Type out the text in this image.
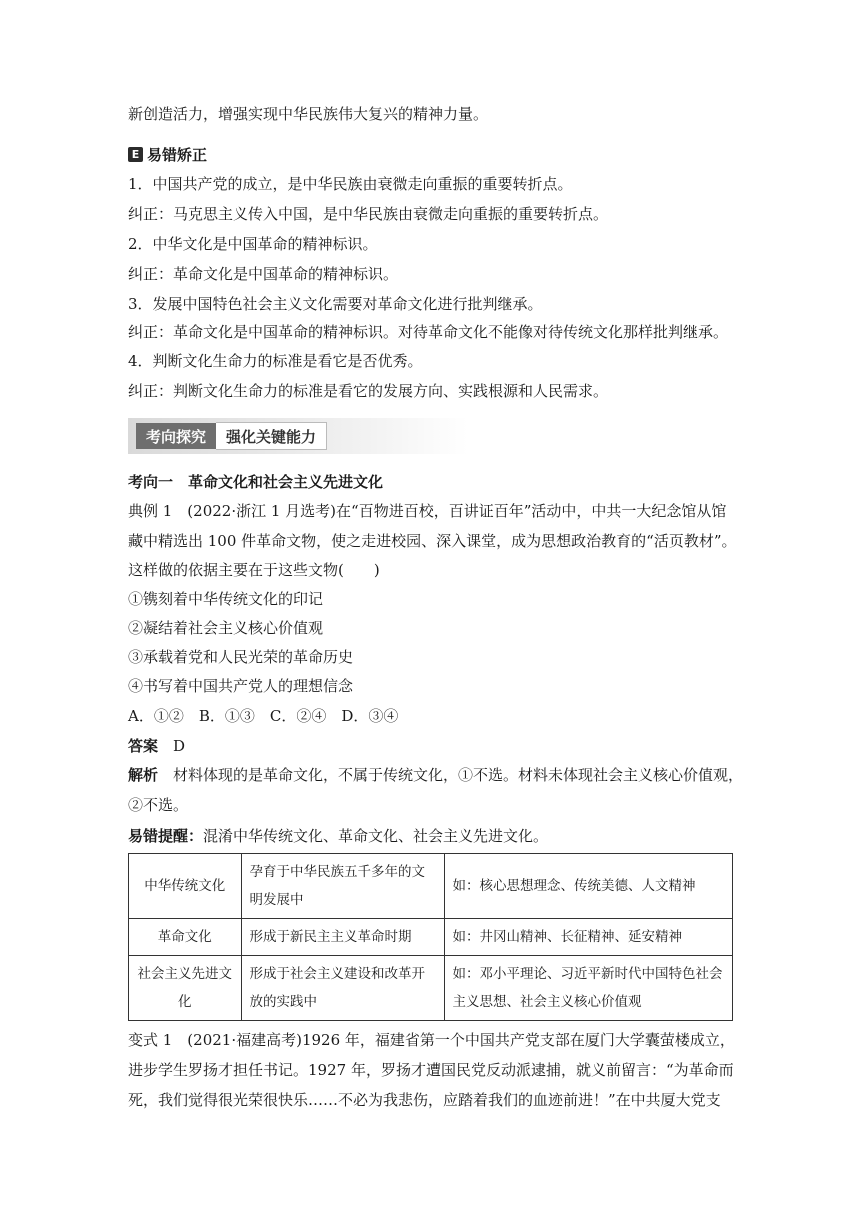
新创造活力，增强实现中华民族伟大复兴的精神力量。
E 易错矫正
1．中国共产党的成立，是中华民族由衰微走向重振的重要转折点。
纠正：马克思主义传入中国，是中华民族由衰微走向重振的重要转折点。
2．中华文化是中国革命的精神标识。
纠正：革命文化是中国革命的精神标识。
3．发展中国特色社会主义文化需要对革命文化进行批判继承。
纠正：革命文化是中国革命的精神标识。对待革命文化不能像对待传统文化那样批判继承。
4．判断文化生命力的标准是看它是否优秀。
纠正：判断文化生命力的标准是看它的发展方向、实践根源和人民需求。
考向探究	强化关键能力
考向一　革命文化和社会主义先进文化
典例 1　(2022·浙江 1 月选考)在“百物进百校，百讲证百年”活动中，中共一大纪念馆从馆
藏中精选出 100 件革命文物，使之走进校园、深入课堂，成为思想政治教育的“活页教材”。
这样做的依据主要在于这些文物(　　)
①镌刻着中华传统文化的印记
②凝结着社会主义核心价值观
③承载着党和人民光荣的革命历史
④书写着中国共产党人的理想信念
A．①②　B．①③　C．②④　D．③④
答案　 D
解析　 材料体现的是革命文化，不属于传统文化，①不选。材料未体现社会主义核心价值观，
②不选。
易错提醒：混淆中华传统文化、革命文化、社会主义先进文化。
中华传统文化	孕育于中华民族五千多年的文明发展中	如：核心思想理念、传统美德、人文精神
革命文化	形成于新民主主义革命时期	如：井冈山精神、长征精神、延安精神
社会主义先进文化	形成于社会主义建设和改革开放的实践中	如：邓小平理论、习近平新时代中国特色社会主义思想、社会主义核心价值观
变式 1　(2021·福建高考)1926 年，福建省第一个中国共产党支部在厦门大学囊萤楼成立，
进步学生罗扬才担任书记。1927 年，罗扬才遭国民党反动派逮捕，就义前留言：“为革命而
死，我们觉得很光荣很快乐……不必为我悲伤，应踏着我们的血迹前进！”在中共厦大党支
